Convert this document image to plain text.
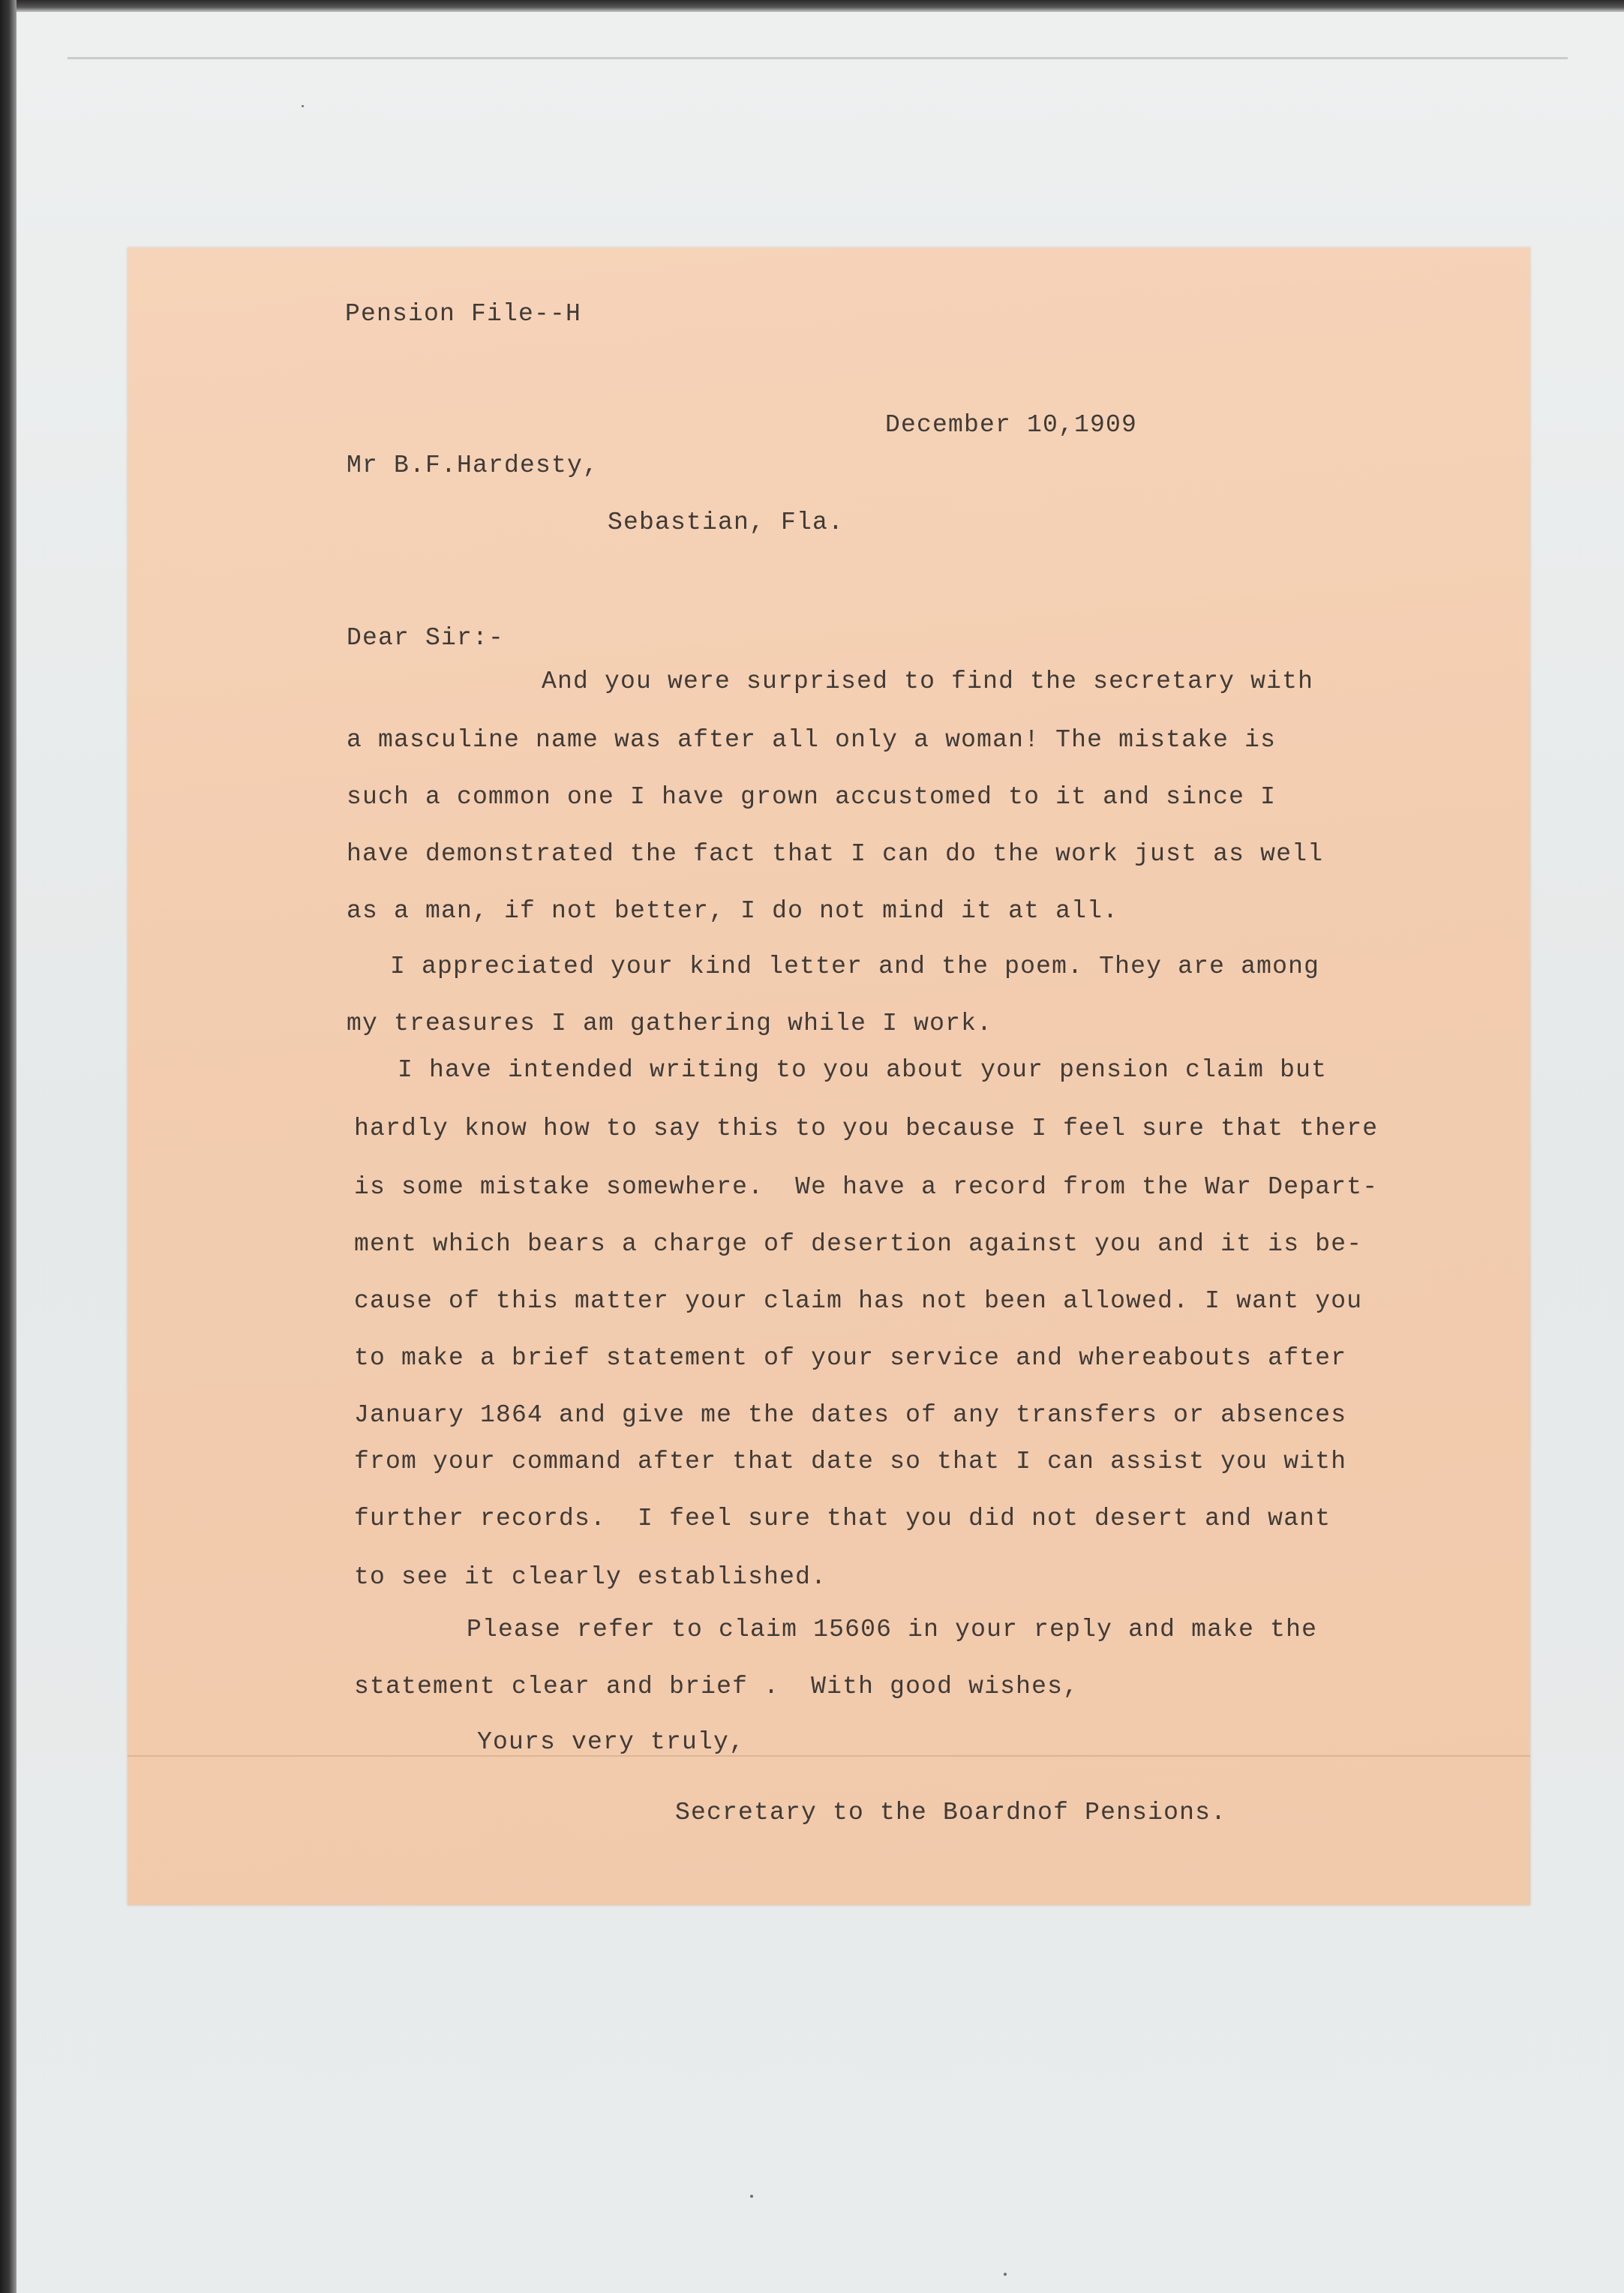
Pension File--H
December 10,1909
Mr B.F.Hardesty,
Sebastian, Fla.
Dear Sir:-
And you were surprised to find the secretary with
a masculine name was after all only a woman! The mistake is
such a common one I have grown accustomed to it and since I
have demonstrated the fact that I can do the work just as well
as a man, if not better, I do not mind it at all.
I appreciated your kind letter and the poem. They are among
my treasures I am gathering while I work.
I have intended writing to you about your pension claim but
hardly know how to say this to you because I feel sure that there
is some mistake somewhere.  We have a record from the War Depart-
ment which bears a charge of desertion against you and it is be-
cause of this matter your claim has not been allowed. I want you
to make a brief statement of your service and whereabouts after
January 1864 and give me the dates of any transfers or absences
from your command after that date so that I can assist you with
further records.  I feel sure that you did not desert and want
to see it clearly established.
Please refer to claim 15606 in your reply and make the
statement clear and brief .  With good wishes,
Yours very truly,
Secretary to the Boardnof Pensions.
